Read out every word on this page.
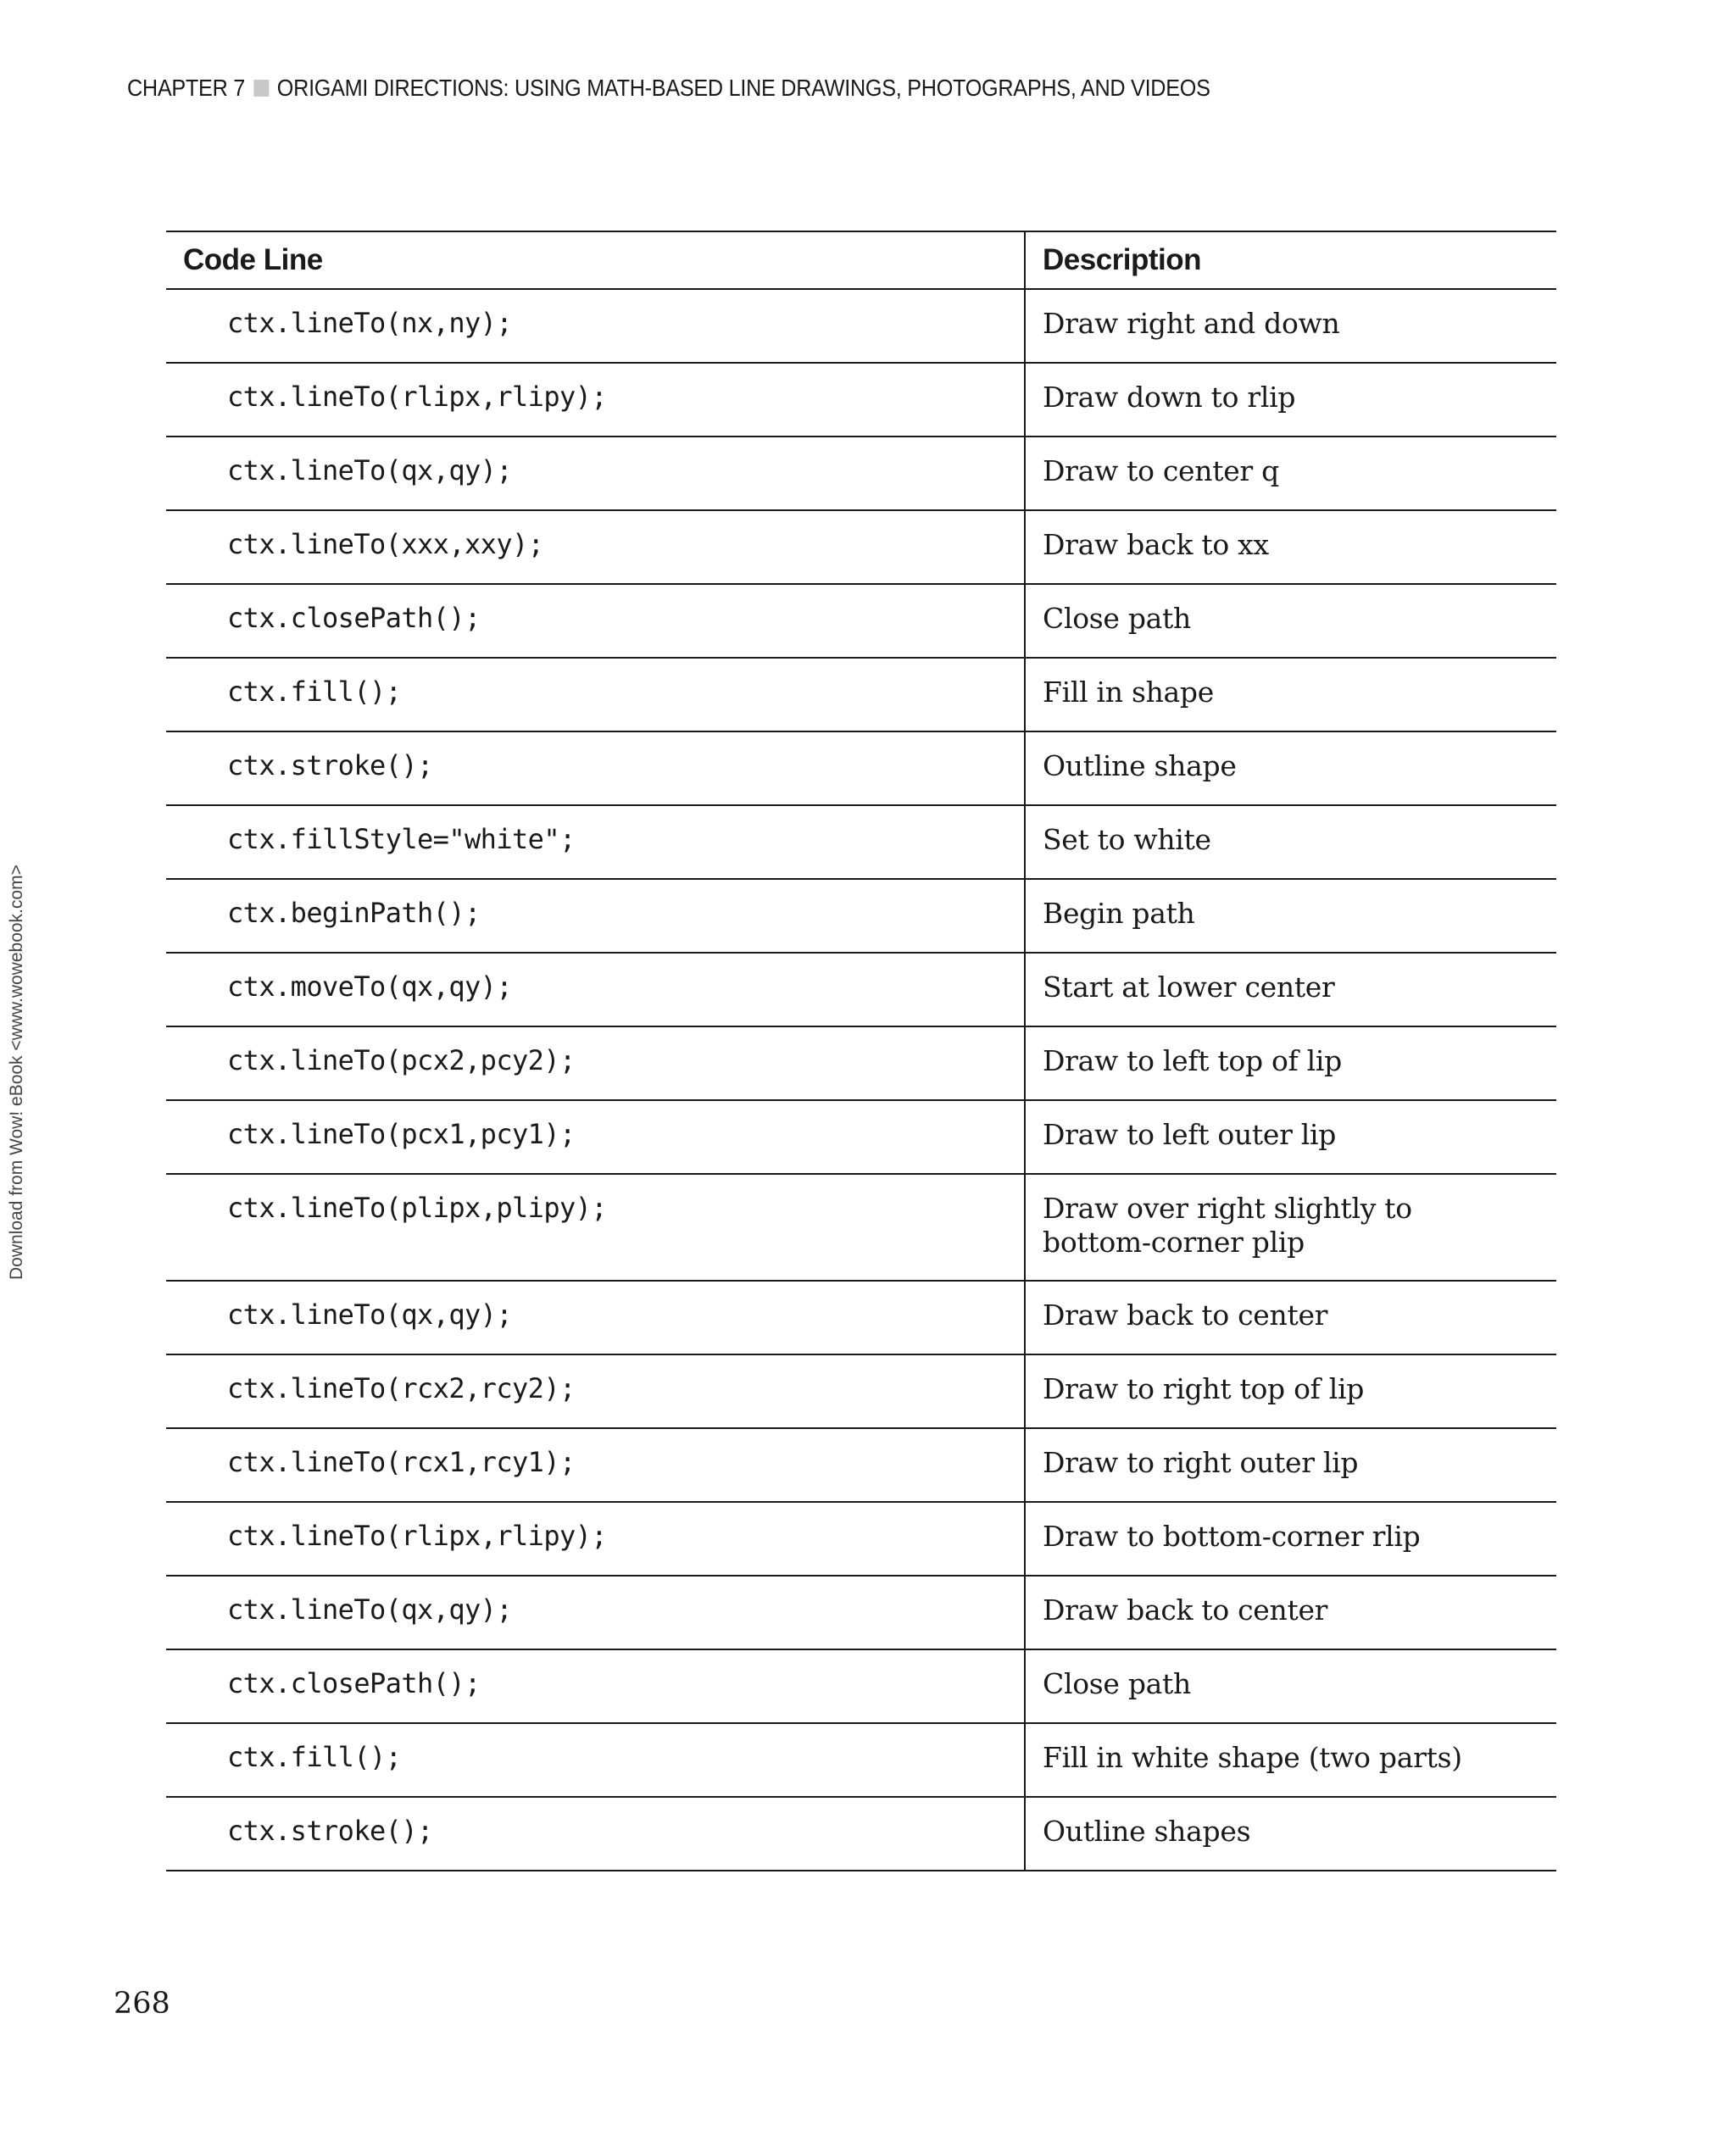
CHAPTER 7 ORIGAMI DIRECTIONS: USING MATH-BASED LINE DRAWINGS, PHOTOGRAPHS, AND VIDEOS
Download from Wow! eBook <www.wowebook.com>
Code Line	Description
ctx.lineTo(nx,ny);	Draw right and down
ctx.lineTo(rlipx,rlipy);	Draw down to rlip
ctx.lineTo(qx,qy);	Draw to center q
ctx.lineTo(xxx,xxy);	Draw back to xx
ctx.closePath();	Close path
ctx.fill();	Fill in shape
ctx.stroke();	Outline shape
ctx.fillStyle="white";	Set to white
ctx.beginPath();	Begin path
ctx.moveTo(qx,qy);	Start at lower center
ctx.lineTo(pcx2,pcy2);	Draw to left top of lip
ctx.lineTo(pcx1,pcy1);	Draw to left outer lip
ctx.lineTo(plipx,plipy);	Draw over right slightly to bottom-corner plip
ctx.lineTo(qx,qy);	Draw back to center
ctx.lineTo(rcx2,rcy2);	Draw to right top of lip
ctx.lineTo(rcx1,rcy1);	Draw to right outer lip
ctx.lineTo(rlipx,rlipy);	Draw to bottom-corner rlip
ctx.lineTo(qx,qy);	Draw back to center
ctx.closePath();	Close path
ctx.fill();	Fill in white shape (two parts)
ctx.stroke();	Outline shapes
268
